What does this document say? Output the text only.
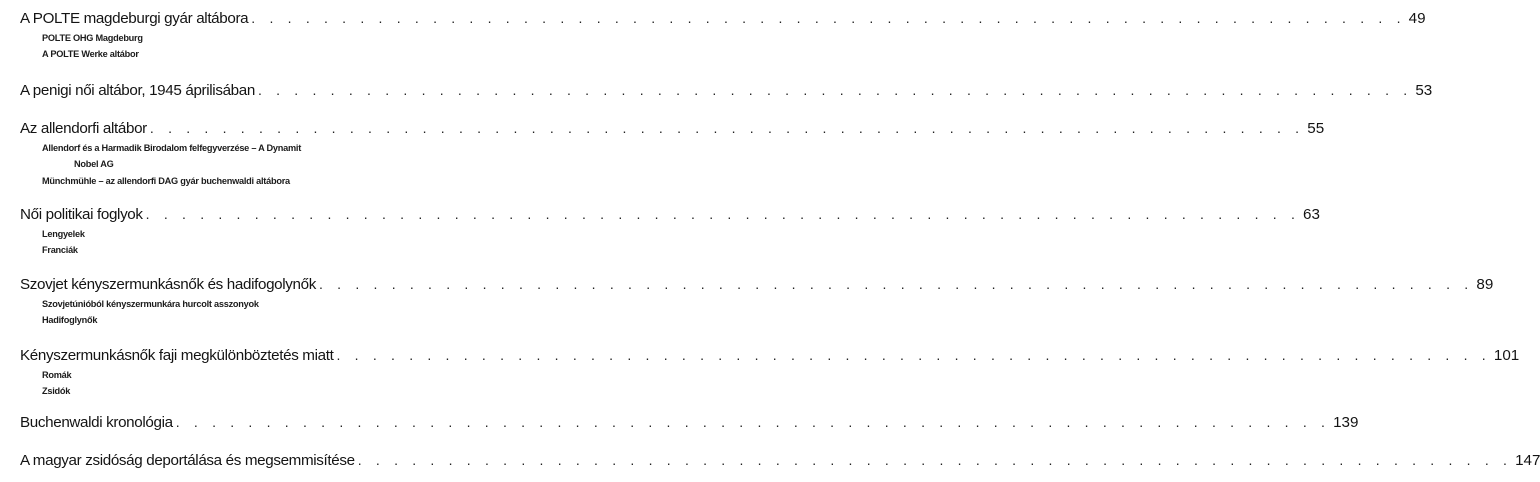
A POLTE magdeburgi gyár altábora . . . . . . . . . . . . . . . . . . . . . . . . . . . . . . . . . . . . . . . . . . . . . . . . . . . . . . . . . . . . . . . . 49
POLTE OHG Magdeburg
A POLTE Werke altábor
A penigi női altábor, 1945 áprilisában . . . . . . . . . . . . . . . . . . . . . . . . . . . . . . . . . . . . . . . . . . . . . . . . . . . . . . . . . . . . . . . . 53
Az allendorfi altábor . . . . . . . . . . . . . . . . . . . . . . . . . . . . . . . . . . . . . . . . . . . . . . . . . . . . . . . . . . . . . . . . 55
Allendorf és a Harmadik Birodalom felfegyverzése – A Dynamit
Nobel AG
Münchmühle – az allendorfi DAG gyár buchenwaldi altábora
Női politikai foglyok . . . . . . . . . . . . . . . . . . . . . . . . . . . . . . . . . . . . . . . . . . . . . . . . . . . . . . . . . . . . . . . . 63
Lengyelek
Franciák
Szovjet kényszermunkásnők és hadifogolynők . . . . . . . . . . . . . . . . . . . . . . . . . . . . . . . . . . . . . . . . . . . . . . . . . . . . . . . . . . . . . . . . 89
Szovjetúnióból kényszermunkára hurcolt asszonyok
Hadifoglynők
Kényszermunkásnők faji megkülönböztetés miatt . . . . . . . . . . . . . . . . . . . . . . . . . . . . . . . . . . . . . . . . . . . . . . . . . . . . . . . . . . . . . . . . 101
Romák
Zsidók
Buchenwaldi kronológia . . . . . . . . . . . . . . . . . . . . . . . . . . . . . . . . . . . . . . . . . . . . . . . . . . . . . . . . . . . . . . . . 139
A magyar zsidóság deportálása és megsemmisítése . . . . . . . . . . . . . . . . . . . . . . . . . . . . . . . . . . . . . . . . . . . . . . . . . . . . . . . . . . . . . . . . 147
